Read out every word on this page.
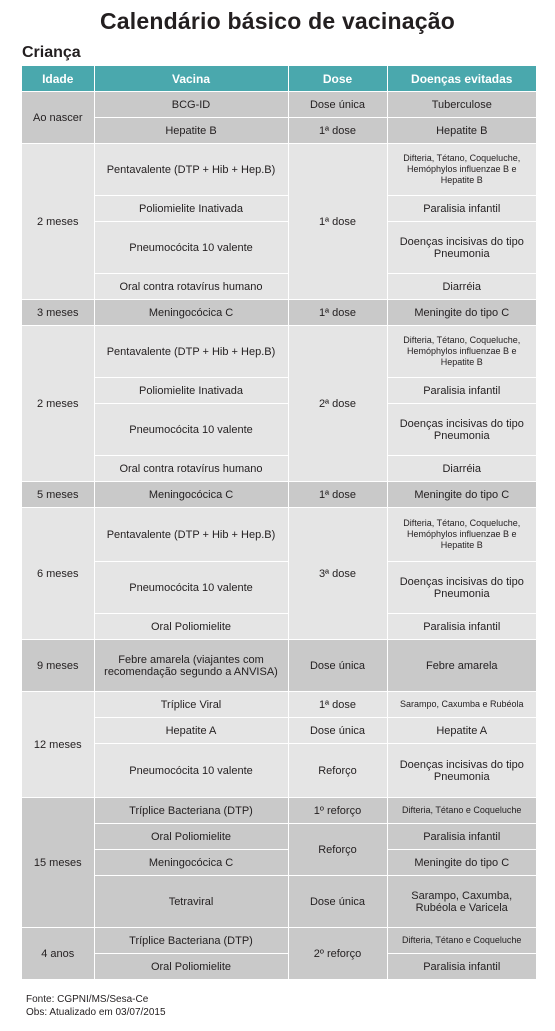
Calendário básico de vacinação
Criança
Idade	Vacina	Dose	Doenças evitadas
Ao nascer	BCG-ID	Dose única	Tuberculose
	Hepatite B	1ª dose	Hepatite B
2 meses	Pentavalente (DTP + Hib + Hep.B)	1ª dose	Difteria, Tétano, Coqueluche, Hemóphylos influenzae B e Hepatite B
	Poliomielite Inativada		Paralisia infantil
	Pneumocócita 10 valente		Doenças incisivas do tipo Pneumonia
	Oral contra rotavírus humano		Diarréia
3 meses	Meningocócica C	1ª dose	Meningite do tipo C
2 meses	Pentavalente (DTP + Hib + Hep.B)	2ª dose	Difteria, Tétano, Coqueluche, Hemóphylos influenzae B e Hepatite B
	Poliomielite Inativada		Paralisia infantil
	Pneumocócita 10 valente		Doenças incisivas do tipo Pneumonia
	Oral contra rotavírus humano		Diarréia
5 meses	Meningocócica C	1ª dose	Meningite do tipo C
6 meses	Pentavalente (DTP + Hib + Hep.B)	3ª dose	Difteria, Tétano, Coqueluche, Hemóphylos influenzae B e Hepatite B
	Pneumocócita 10 valente		Doenças incisivas do tipo Pneumonia
	Oral Poliomielite		Paralisia infantil
9 meses	Febre amarela (viajantes com recomendação segundo a ANVISA)	Dose única	Febre amarela
12 meses	Tríplice Viral	1ª dose	Sarampo, Caxumba e Rubéola
	Hepatite A	Dose única	Hepatite A
	Pneumocócita 10 valente	Reforço	Doenças incisivas do tipo Pneumonia
15 meses	Tríplice Bacteriana (DTP)	1º reforço	Difteria, Tétano e Coqueluche
	Oral Poliomielite	Reforço	Paralisia infantil
	Meningocócica C		Meningite do tipo C
	Tetraviral	Dose única	Sarampo, Caxumba, Rubéola e Varicela
4 anos	Tríplice Bacteriana (DTP)	2º reforço	Difteria, Tétano e Coqueluche
	Oral Poliomielite		Paralisia infantil
Fonte: CGPNI/MS/Sesa-Ce
Obs: Atualizado em 03/07/2015
